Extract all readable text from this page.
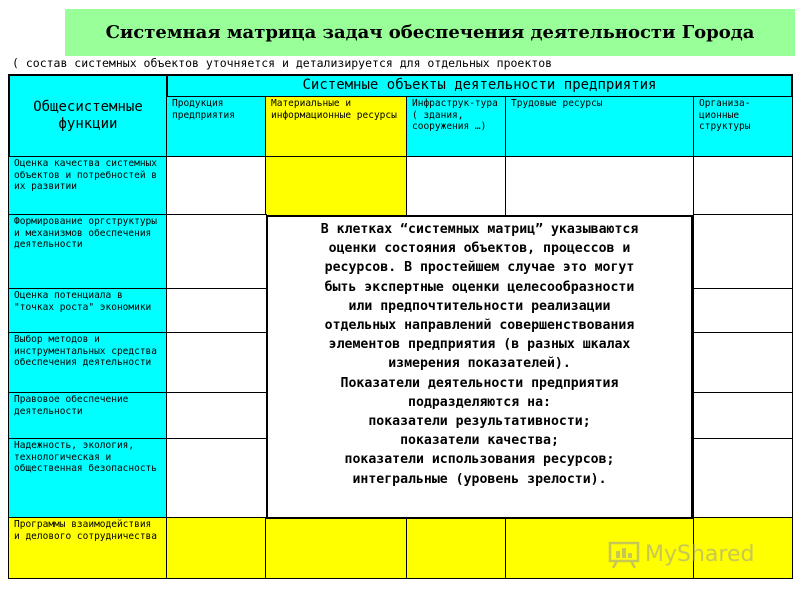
Системная матрица задач обеспечения деятельности Города
( состав системных объектов уточняется и детализируется для отдельных проектов
Общесистемные функции
Системные объекты деятельности предприятия
Продукция предприятия
Материальные и информационные ресурсы
Инфраструк-тура ( здания, сооружения …)
Трудовые ресурсы	Организа-ционные структуры
Оценка качества системных объектов и потребностей в их развитии
Формирование оргструктуры и механизмов обеспечения деятельности
Оценка потенциала в "точках роста" экономики
Выбор методов и инструментальных средства обеспечения деятельности
Правовое обеспечение деятельности
Надежность, экология, технологическая и общественная безопасность
Программы взаимодействия и делового сотрудничества
В клетках “системных матриц” указываются
оценки состояния объектов, процессов и
ресурсов. В простейшем случае это могут
быть экспертные оценки целесообразности
или предпочтительности реализации
отдельных направлений совершенствования
элементов предприятия (в разных шкалах
измерения показателей).
Показатели деятельности предприятия
подразделяются на:
показатели результативности;
показатели качества;
показатели использования ресурсов;
интегральные (уровень зрелости).
MyShared
